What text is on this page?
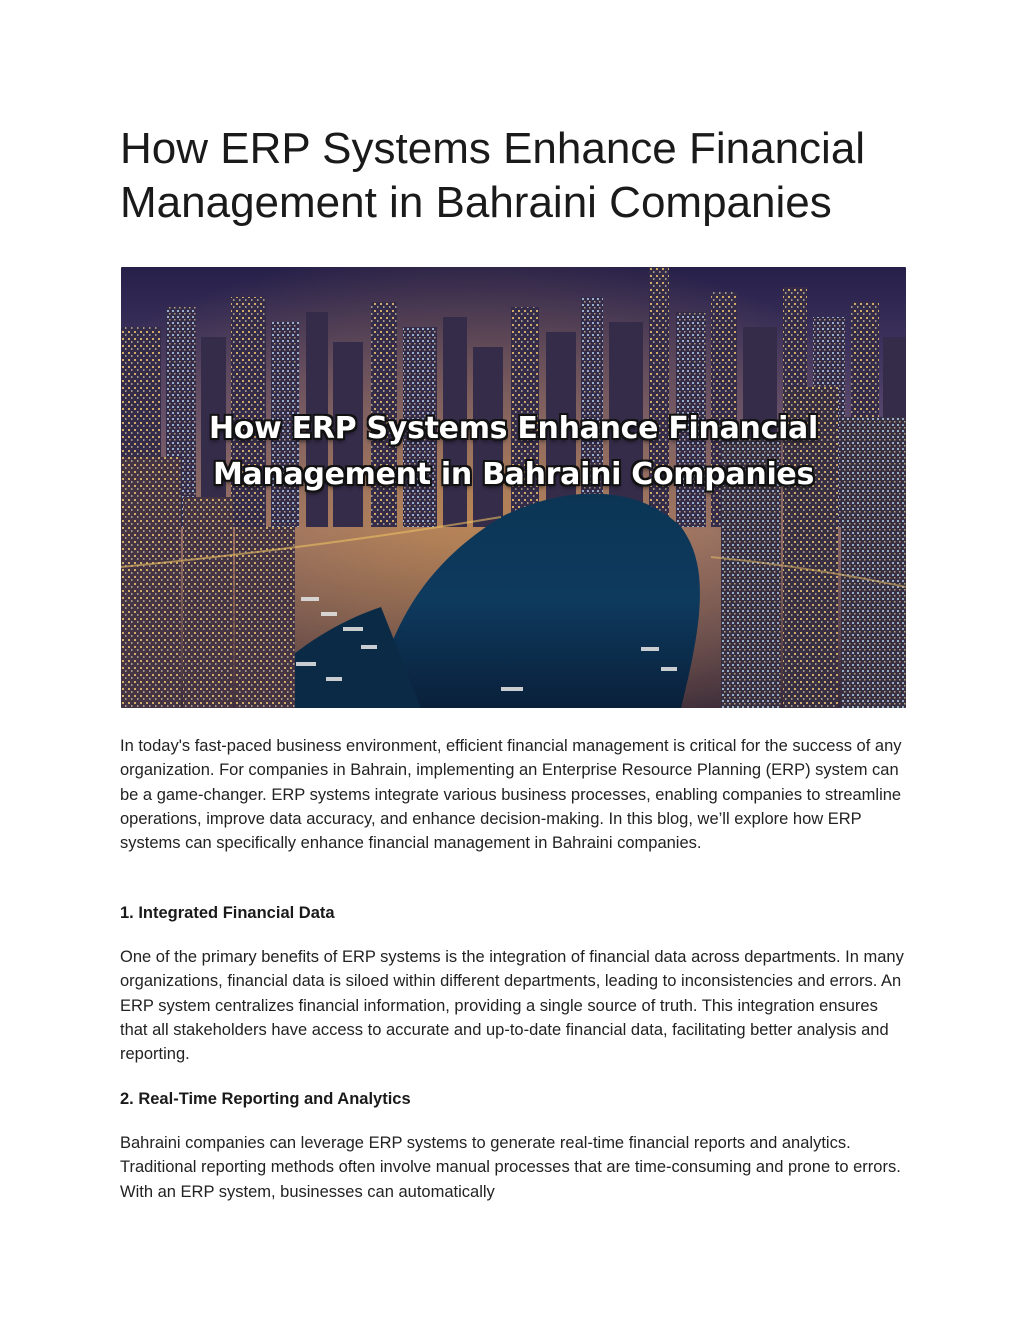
How ERP Systems Enhance Financial Management in Bahraini Companies
How ERP Systems Enhance Financial
Management in Bahraini Companies

In today's fast-paced business environment, efficient financial management is critical for the success of any organization. For companies in Bahrain, implementing an Enterprise Resource Planning (ERP) system can be a game-changer. ERP systems integrate various business processes, enabling companies to streamline operations, improve data accuracy, and enhance decision-making. In this blog, we’ll explore how ERP systems can specifically enhance financial management in Bahraini companies.

1. Integrated Financial Data

One of the primary benefits of ERP systems is the integration of financial data across departments. In many organizations, financial data is siloed within different departments, leading to inconsistencies and errors. An ERP system centralizes financial information, providing a single source of truth. This integration ensures that all stakeholders have access to accurate and up-to-date financial data, facilitating better analysis and reporting.

2. Real-Time Reporting and Analytics

Bahraini companies can leverage ERP systems to generate real-time financial reports and analytics. Traditional reporting methods often involve manual processes that are time-consuming and prone to errors. With an ERP system, businesses can automatically
